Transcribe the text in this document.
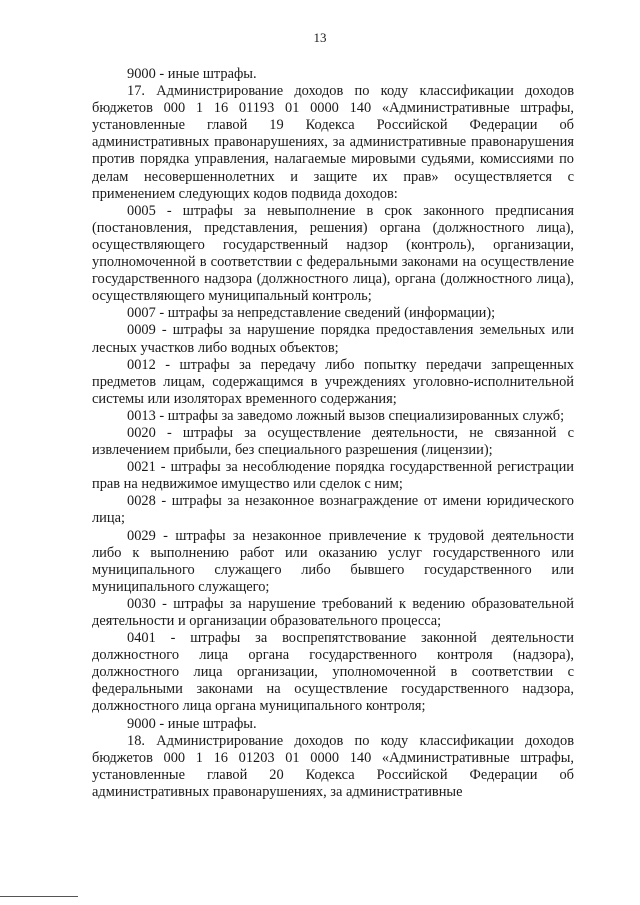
13

9000 - иные штрафы.

17. Администрирование доходов по коду классификации доходов бюджетов 000 1 16 01193 01 0000 140 «Административные штрафы, установленные главой 19 Кодекса Российской Федерации об административных правонарушениях, за административные правонарушения против порядка управления, налагаемые мировыми судьями, комиссиями по делам несовершеннолетних и защите их прав» осуществляется с применением следующих кодов подвида доходов:

0005 - штрафы за невыполнение в срок законного предписания (постановления, представления, решения) органа (должностного лица), осуществляющего государственный надзор (контроль), организации, уполномоченной в соответствии с федеральными законами на осуществление государственного надзора (должностного лица), органа (должностного лица), осуществляющего муниципальный контроль;

0007 - штрафы за непредставление сведений (информации);

0009 - штрафы за нарушение порядка предоставления земельных или лесных участков либо водных объектов;

0012 - штрафы за передачу либо попытку передачи запрещенных предметов лицам, содержащимся в учреждениях уголовно-исполнительной системы или изоляторах временного содержания;

0013 - штрафы за заведомо ложный вызов специализированных служб;

0020 - штрафы за осуществление деятельности, не связанной с извлечением прибыли, без специального разрешения (лицензии);

0021 - штрафы за несоблюдение порядка государственной регистрации прав на недвижимое имущество или сделок с ним;

0028 - штрафы за незаконное вознаграждение от имени юридического лица;

0029 - штрафы за незаконное привлечение к трудовой деятельности либо к выполнению работ или оказанию услуг государственного или муниципального служащего либо бывшего государственного или муниципального служащего;

0030 - штрафы за нарушение требований к ведению образовательной деятельности и организации образовательного процесса;

0401 - штрафы за воспрепятствование законной деятельности должностного лица органа государственного контроля (надзора), должностного лица организации, уполномоченной в соответствии с федеральными законами на осуществление государственного надзора, должностного лица органа муниципального контроля;

9000 - иные штрафы.

18. Администрирование доходов по коду классификации доходов бюджетов 000 1 16 01203 01 0000 140 «Административные штрафы, установленные главой 20 Кодекса Российской Федерации об административных правонарушениях, за административные
